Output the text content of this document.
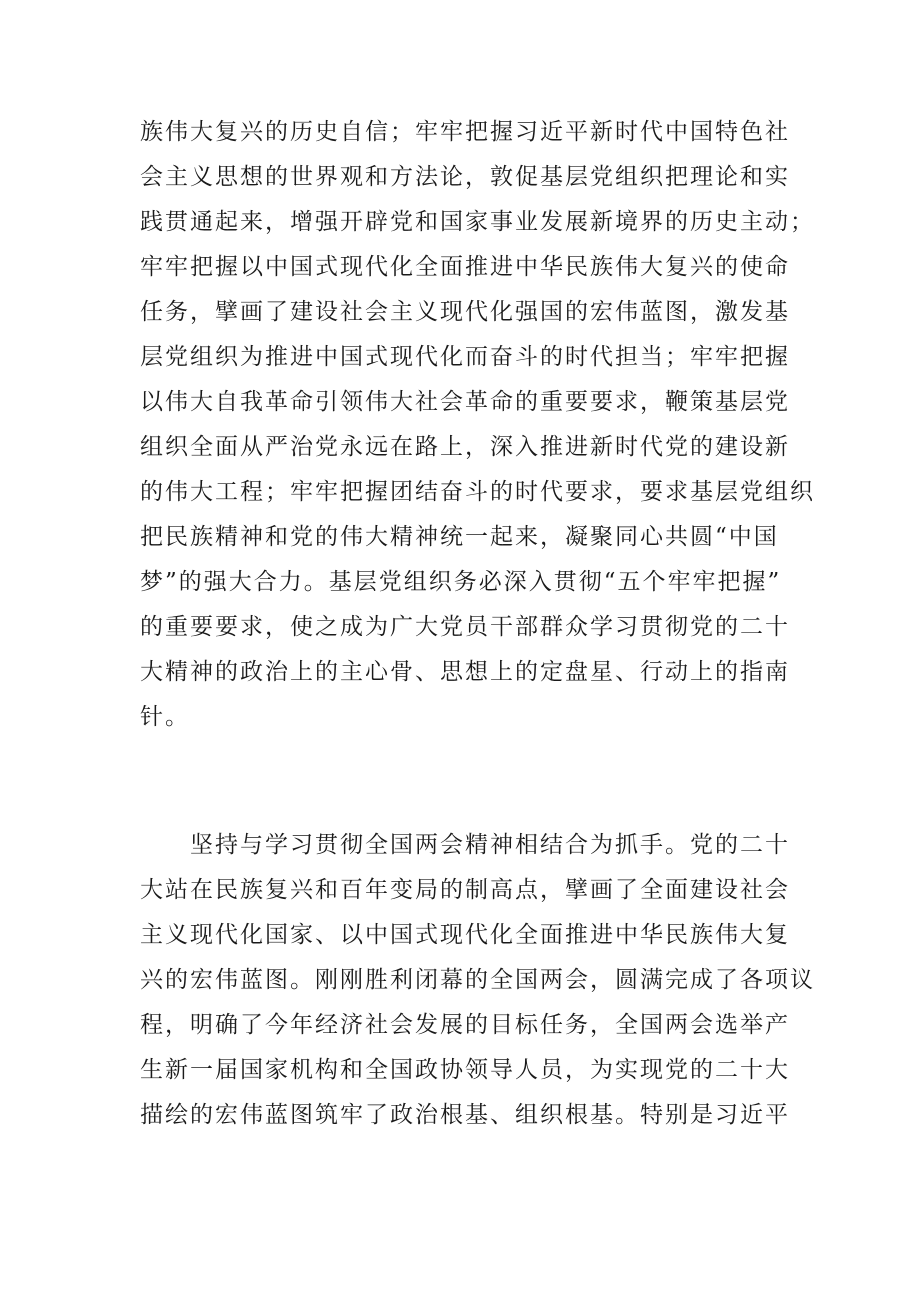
族伟大复兴的历史自信；牢牢把握习近平新时代中国特色社
会主义思想的世界观和方法论，敦促基层党组织把理论和实
践贯通起来，增强开辟党和国家事业发展新境界的历史主动；
牢牢把握以中国式现代化全面推进中华民族伟大复兴的使命
任务，擘画了建设社会主义现代化强国的宏伟蓝图，激发基
层党组织为推进中国式现代化而奋斗的时代担当；牢牢把握
以伟大自我革命引领伟大社会革命的重要要求，鞭策基层党
组织全面从严治党永远在路上，深入推进新时代党的建设新
的伟大工程；牢牢把握团结奋斗的时代要求，要求基层党组织
把民族精神和党的伟大精神统一起来，凝聚同心共圆“中国
梦”的强大合力。基层党组织务必深入贯彻“五个牢牢把握”
的重要要求，使之成为广大党员干部群众学习贯彻党的二十
大精神的政治上的主心骨、思想上的定盘星、行动上的指南
针。
　　坚持与学习贯彻全国两会精神相结合为抓手。党的二十
大站在民族复兴和百年变局的制高点，擘画了全面建设社会
主义现代化国家、以中国式现代化全面推进中华民族伟大复
兴的宏伟蓝图。刚刚胜利闭幕的全国两会，圆满完成了各项议
程，明确了今年经济社会发展的目标任务，全国两会选举产
生新一届国家机构和全国政协领导人员，为实现党的二十大
描绘的宏伟蓝图筑牢了政治根基、组织根基。特别是习近平
